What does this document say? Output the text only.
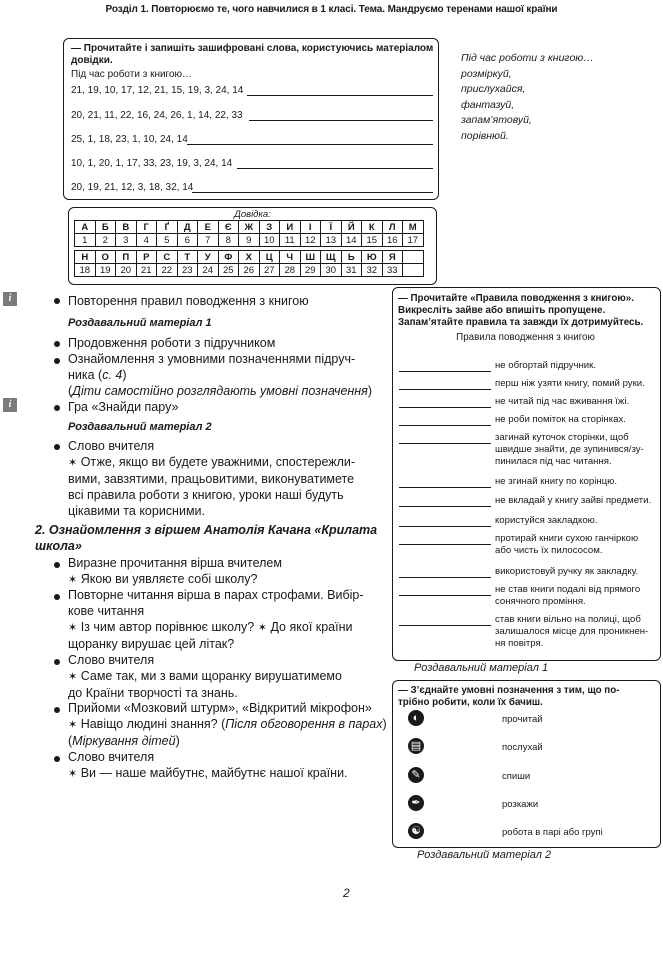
Розділ 1. Повторюємо те, чого навчилися в 1 класі. Тема. Мандруємо теренами нашої країни
— Прочитайте і запишіть зашифровані слова, користуючись матеріалом довідки.
Під час роботи з книгою…
21, 19, 10, 17, 12, 21, 15, 19, 3, 24, 14
20, 21, 11, 22, 16, 24, 26, 1, 14, 22, 33
25, 1, 18, 23, 1, 10, 24, 14
10, 1, 20, 1, 17, 33, 23, 19, 3, 24, 14
20, 19, 21, 12, 3, 18, 32, 14
Під час роботи з книгою…
розміркуй,
прислухайся,
фантазуй,
запам’ятовуй,
порівнюй.
Довідка:
А	Б	В	Г	Ґ	Д	Е	Є	Ж	З	И	І	Ї	Й	К	Л	М
1	2	3	4	5	6	7	8	9	10	11	12	13	14	15	16	17
Н	О	П	Р	С	Т	У	Ф	Х	Ц	Ч	Ш	Щ	Ь	Ю	Я	
18	19	20	21	22	23	24	25	26	27	28	29	30	31	32	33	
i
i
Повторення правил поводження з книгою
Роздавальний матеріал 1
Продовження роботи з підручником
Ознайомлення з умовними позначеннями підруч-
ника (с. 4)
(Діти самостійно розглядають умовні позначення)
Гра «Знайди пару»
Роздавальний матеріал 2
Слово вчителя
✶ Отже, якщо ви будете уважними, спостережли-
вими, завзятими, працьовитими, виконуватимете
всі правила роботи з книгою, уроки наші будуть
цікавими та корисними.
2. Ознайомлення з віршем Анатолія Качана «Крилата
школа»
Виразне прочитання вірша вчителем
✶ Якою ви уявляєте собі школу?
Повторне читання вірша в парах строфами. Вибір-
кове читання
✶ Із чим автор порівнює школу? ✶ До якої країни
щоранку вирушає цей літак?
Слово вчителя
✶ Саме так, ми з вами щоранку вирушатимемо
до Країни творчості та знань.
Прийоми «Мозковий штурм», «Відкритий мікрофон»
✶ Навіщо людині знання? (Після обговорення в парах)
(Міркування дітей)
Слово вчителя
✶ Ви — наше майбутнє, майбутнє нашої країни.
— Прочитайте «Правила поводження з книгою».
Викресліть зайве або впишіть пропущене.
Запам’ятайте правила та завжди їх дотримуйтесь.
Правила поводження з книгою
не обгортай підручник.
перш ніж узяти книгу, помий руки.
не читай під час вживання їжі.
не роби поміток на сторінках.
загинай куточок сторінки, щоб
швидше знайти, де зупинився/зу-
пинилася під час читання.
не згинай книгу по корінцю.
не вкладай у книгу зайві предмети.
користуйся закладкою.
протирай книги сухою ганчіркою
або чисть їх пилососом.
використовуй ручку як закладку.
не став книги подалі від прямого
сонячного проміння.
став книги вільно на полиці, щоб
залишалося місце для проникнен-
ня повітря.
Роздавальний матеріал 1
— З’єднайте умовні позначення з тим, що по-
трібно робити, коли їх бачиш.
◐	прочитай
▤	послухай
✎	спиши
✒	розкажи
☯	робота в парі або групі
Роздавальний матеріал 2
2
